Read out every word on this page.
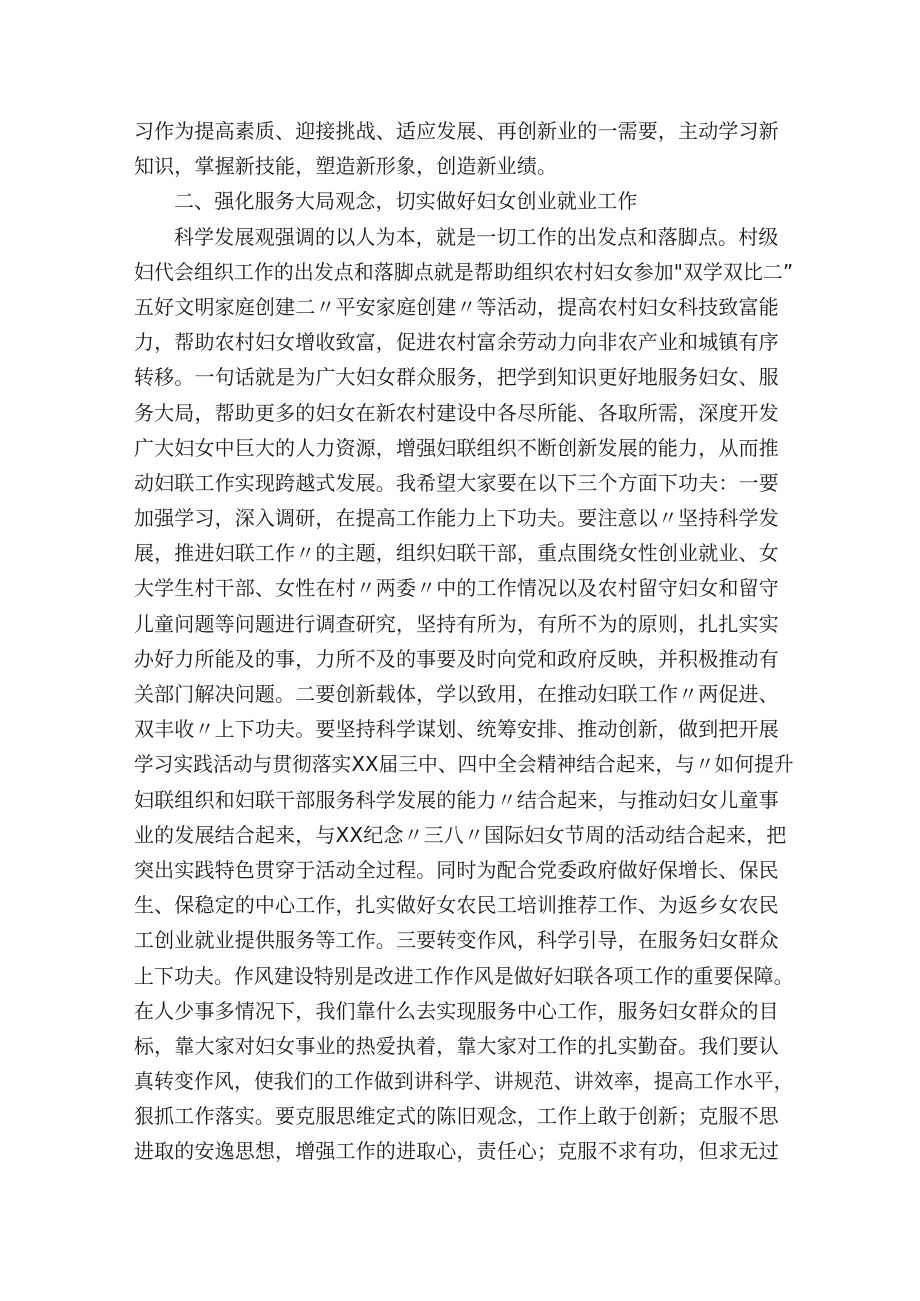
习作为提高素质、迎接挑战、适应发展、再创新业的一需要，主动学习新
知识，掌握新技能，塑造新形象，创造新业绩。
二、强化服务大局观念，切实做好妇女创业就业工作
科学发展观强调的以人为本，就是一切工作的出发点和落脚点。村级
妇代会组织工作的出发点和落脚点就是帮助组织农村妇女参加"双学双比二”
五好文明家庭创建二〃平安家庭创建〃等活动，提高农村妇女科技致富能
力，帮助农村妇女增收致富，促进农村富余劳动力向非农产业和城镇有序
转移。一句话就是为广大妇女群众服务，把学到知识更好地服务妇女、服
务大局，帮助更多的妇女在新农村建设中各尽所能、各取所需，深度开发
广大妇女中巨大的人力资源，增强妇联组织不断创新发展的能力，从而推
动妇联工作实现跨越式发展。我希望大家要在以下三个方面下功夫：一要
加强学习，深入调研，在提高工作能力上下功夫。要注意以〃坚持科学发
展，推进妇联工作〃的主题，组织妇联干部，重点围绕女性创业就业、女
大学生村干部、女性在村〃两委〃中的工作情况以及农村留守妇女和留守
儿童问题等问题进行调查研究，坚持有所为，有所不为的原则，扎扎实实
办好力所能及的事，力所不及的事要及时向党和政府反映，并积极推动有
关部门解决问题。二要创新载体，学以致用，在推动妇联工作〃两促进、
双丰收〃上下功夫。要坚持科学谋划、统筹安排、推动创新，做到把开展
学习实践活动与贯彻落实XX届三中、四中全会精神结合起来，与〃如何提升
妇联组织和妇联干部服务科学发展的能力〃结合起来，与推动妇女儿童事
业的发展结合起来，与XX纪念〃三八〃国际妇女节周的活动结合起来，把
突出实践特色贯穿于活动全过程。同时为配合党委政府做好保增长、保民
生、保稳定的中心工作，扎实做好女农民工培训推荐工作、为返乡女农民
工创业就业提供服务等工作。三要转变作风，科学引导，在服务妇女群众
上下功夫。作风建设特别是改进工作作风是做好妇联各项工作的重要保障。
在人少事多情况下，我们靠什么去实现服务中心工作，服务妇女群众的目
标，靠大家对妇女事业的热爱执着，靠大家对工作的扎实勤奋。我们要认
真转变作风，使我们的工作做到讲科学、讲规范、讲效率，提高工作水平，
狠抓工作落实。要克服思维定式的陈旧观念，工作上敢于创新；克服不思
进取的安逸思想，增强工作的进取心，责任心；克服不求有功，但求无过
